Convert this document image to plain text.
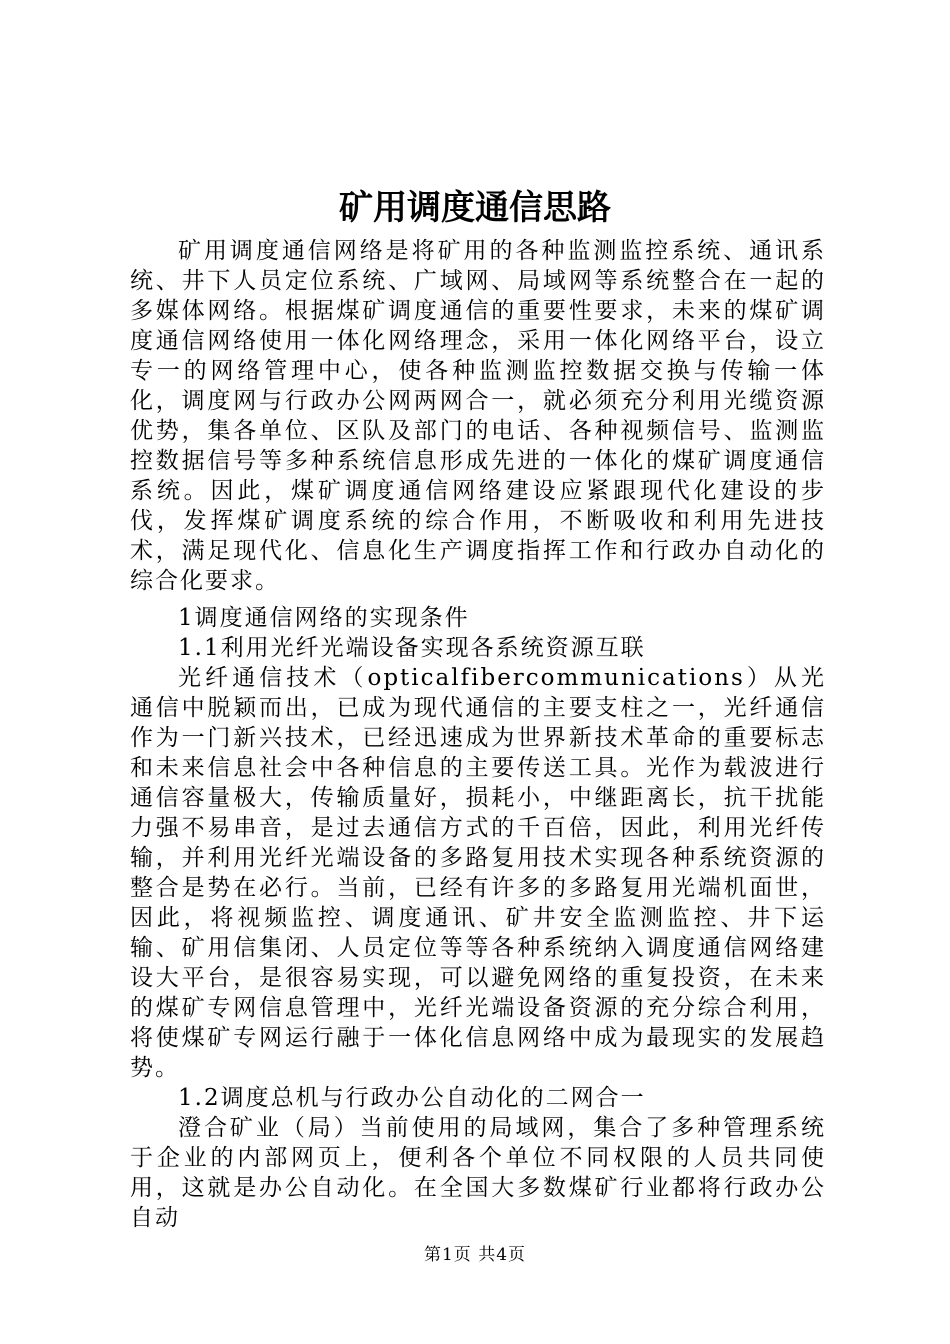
矿用调度通信思路

矿用调度通信网络是将矿用的各种监测监控系统、通讯系统、井下人员定位系统、广域网、局域网等系统整合在一起的多媒体网络。根据煤矿调度通信的重要性要求，未来的煤矿调度通信网络使用一体化网络理念，采用一体化网络平台，设立专一的网络管理中心，使各种监测监控数据交换与传输一体化，调度网与行政办公网两网合一，就必须充分利用光缆资源优势，集各单位、区队及部门的电话、各种视频信号、监测监控数据信号等多种系统信息形成先进的一体化的煤矿调度通信系统。因此，煤矿调度通信网络建设应紧跟现代化建设的步伐，发挥煤矿调度系统的综合作用，不断吸收和利用先进技术，满足现代化、信息化生产调度指挥工作和行政办自动化的综合化要求。

1调度通信网络的实现条件

1.1利用光纤光端设备实现各系统资源互联

光纤通信技术（opticalfibercommunications）从光通信中脱颖而出，已成为现代通信的主要支柱之一，光纤通信作为一门新兴技术，已经迅速成为世界新技术革命的重要标志和未来信息社会中各种信息的主要传送工具。光作为载波进行通信容量极大，传输质量好，损耗小，中继距离长，抗干扰能力强不易串音，是过去通信方式的千百倍，因此，利用光纤传输，并利用光纤光端设备的多路复用技术实现各种系统资源的整合是势在必行。当前，已经有许多的多路复用光端机面世，因此，将视频监控、调度通讯、矿井安全监测监控、井下运输、矿用信集闭、人员定位等等各种系统纳入调度通信网络建设大平台，是很容易实现，可以避免网络的重复投资，在未来的煤矿专网信息管理中，光纤光端设备资源的充分综合利用，将使煤矿专网运行融于一体化信息网络中成为最现实的发展趋势。

1.2调度总机与行政办公自动化的二网合一

澄合矿业（局）当前使用的局域网，集合了多种管理系统于企业的内部网页上，便利各个单位不同权限的人员共同使用，这就是办公自动化。在全国大多数煤矿行业都将行政办公自动

第1页 共4页
